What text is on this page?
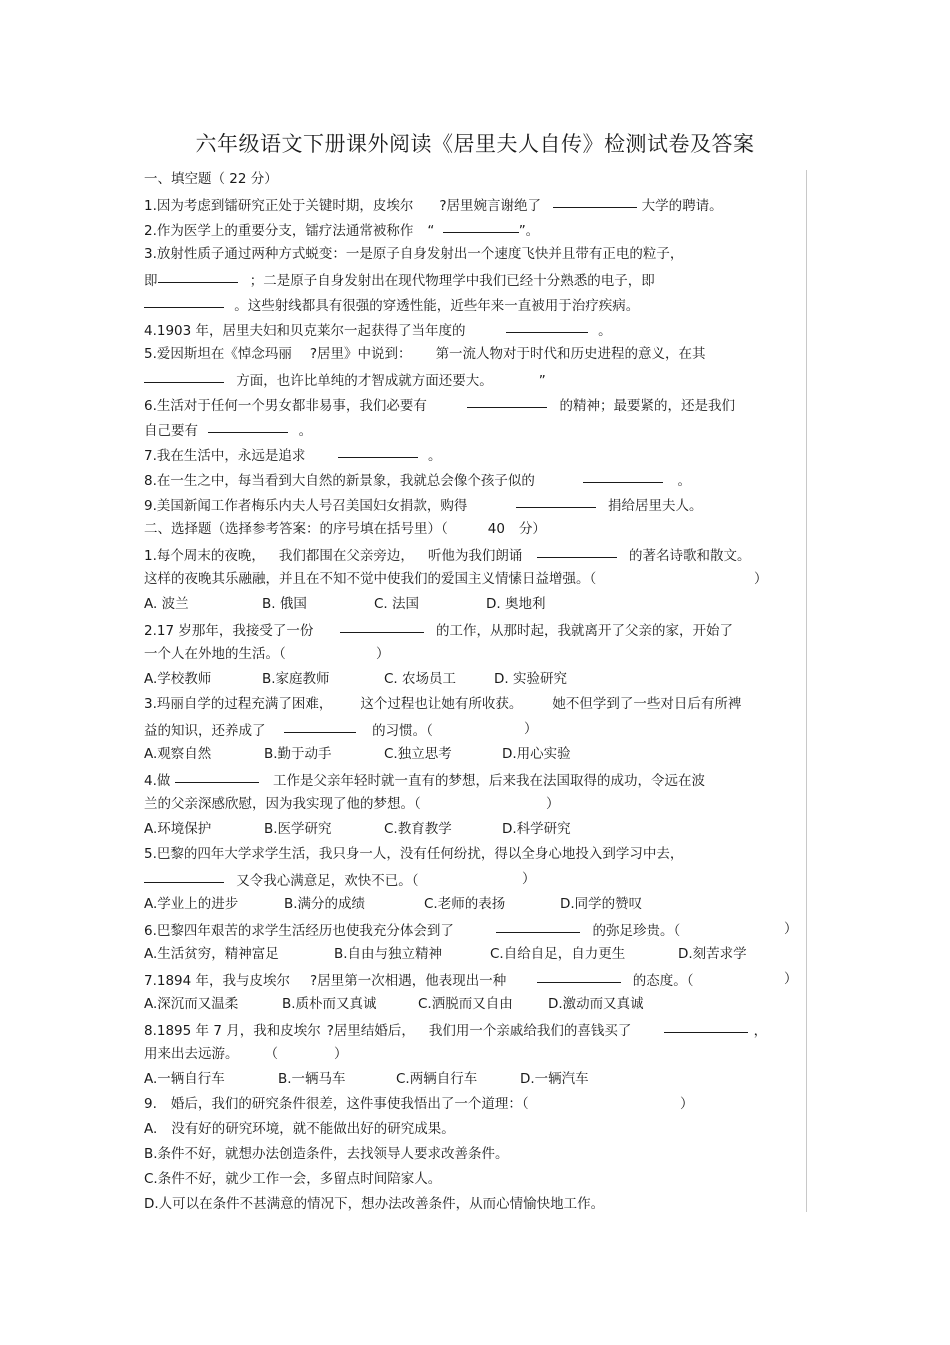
六年级语文下册课外阅读《居里夫人自传》检测试卷及答案
一、填空题（ 22 分）
1.因为考虑到镭研究正处于关键时期，皮埃尔 ?居里婉言谢绝了	大学的聘请。
2.作为医学上的重要分支，镭疗法通常被称作 “	”。
3.放射性质子通过两种方式蜕变：一是原子自身发射出一个速度飞快并且带有正电的粒子，
即	；二是原子自身发射出在现代物理学中我们已经十分熟悉的电子，即
。这些射线都具有很强的穿透性能，近些年来一直被用于治疗疾病。
4.1903 年，居里夫妇和贝克莱尔一起获得了当年度的	。
5.爱因斯坦在《悼念玛丽 ?居里》中说到： 第一流人物对于时代和历史进程的意义，在其
方面，也许比单纯的才智成就方面还要大。	”
6.生活对于任何一个男女都非易事，我们必要有	的精神；最要紧的，还是我们
自己要有	。
7.我在生活中，永远是追求	。
8.在一生之中，每当看到大自然的新景象，我就总会像个孩子似的	。
9.美国新闻工作者梅乐内夫人号召美国妇女捐款，购得	捐给居里夫人。
二、选择题（选择参考答案：的序号填在括号里）（	40 分）
1.每个周末的夜晚， 我们都围在父亲旁边， 听他为我们朗诵	的著名诗歌和散文。
这样的夜晚其乐融融，并且在不知不觉中使我们的爱国主义情愫日益增强。（	）
A. 波兰	B. 俄国	C. 法国	D. 奥地利
2.17 岁那年，我接受了一份	的工作，从那时起，我就离开了父亲的家，开始了
一个人在外地的生活。（	）
A.学校教师	B.家庭教师	C. 农场员工	D. 实验研究
3.玛丽自学的过程充满了困难， 这个过程也让她有所收获。 她不但学到了一些对日后有所裨
益的知识，还养成了	的习惯。（	）
A.观察自然	B.勤于动手	C.独立思考	D.用心实验
4.做	工作是父亲年轻时就一直有的梦想，后来我在法国取得的成功，令远在波
兰的父亲深感欣慰，因为我实现了他的梦想。（	）
A.环境保护	B.医学研究	C.教育教学	D.科学研究
5.巴黎的四年大学求学生活，我只身一人，没有任何纷扰，得以全身心地投入到学习中去，
又令我心满意足，欢快不已。（	）
A.学业上的进步	B.满分的成绩	C.老师的表扬	D.同学的赞叹
6.巴黎四年艰苦的求学生活经历也使我充分体会到了	的弥足珍贵。（	）
A.生活贫穷，精神富足	B.自由与独立精神	C.自给自足，自力更生	D.刻苦求学
7.1894 年，我与皮埃尔 ?居里第一次相遇，他表现出一种	的态度。（	）
A.深沉而又温柔	B.质朴而又真诚	C.洒脱而又自由	D.激动而又真诚
8.1895 年 7 月，我和皮埃尔 ?居里结婚后， 我们用一个亲戚给我们的喜钱买了	，
用来出去远游。 （	）
A.一辆自行车	B.一辆马车	C.两辆自行车	D.一辆汽车
9. 婚后，我们的研究条件很差，这件事使我悟出了一个道理：（	）
A. 没有好的研究环境，就不能做出好的研究成果。
B.条件不好，就想办法创造条件，去找领导人要求改善条件。
C.条件不好，就少工作一会，多留点时间陪家人。
D.人可以在条件不甚满意的情况下，想办法改善条件，从而心情愉快地工作。
